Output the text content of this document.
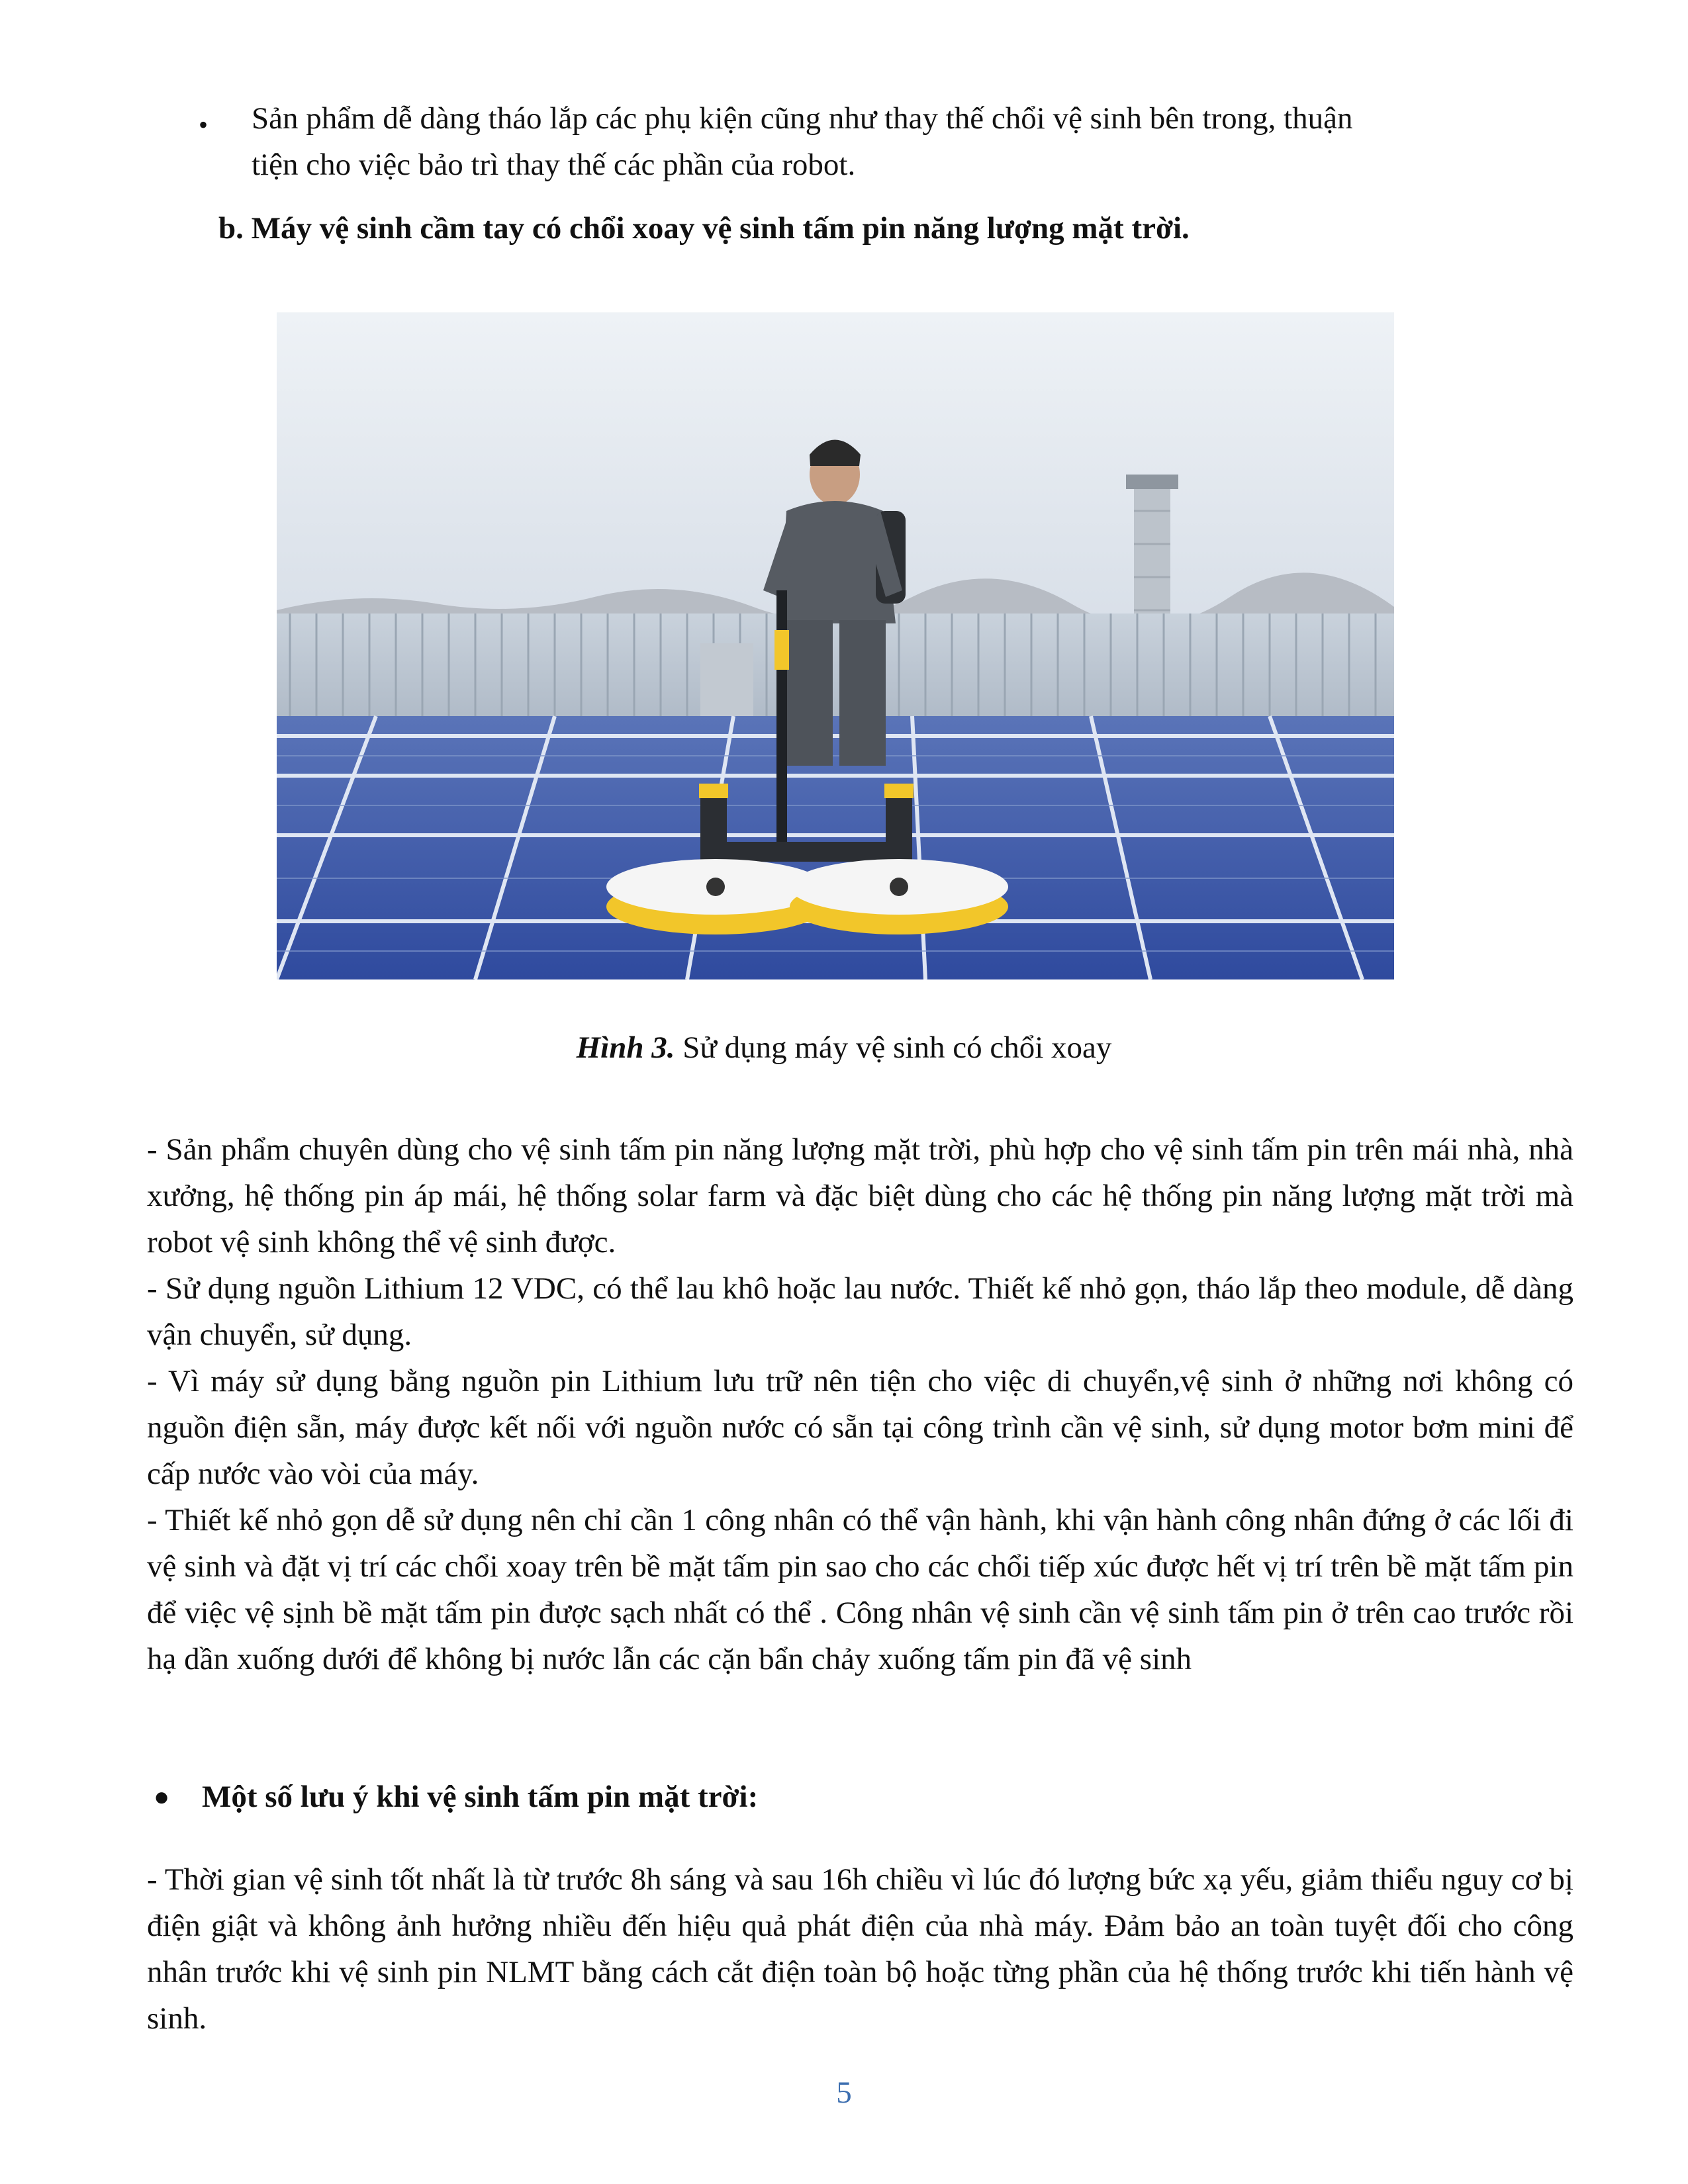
• Sản phẩm dễ dàng tháo lắp các phụ kiện cũng như thay thế chổi vệ sinh bên trong, thuận
tiện cho việc bảo trì thay thế các phần của robot.
b. Máy vệ sinh cầm tay có chổi xoay vệ sinh tấm pin năng lượng mặt trời.
Hình 3. Sử dụng máy vệ sinh có chổi xoay

- Sản phẩm chuyên dùng cho vệ sinh tấm pin năng lượng mặt trời, phù hợp cho vệ sinh tấm pin trên mái nhà, nhà xưởng, hệ thống pin áp mái, hệ thống solar farm và đặc biệt dùng cho các hệ thống pin năng lượng mặt trời mà robot vệ sinh không thể vệ sinh được.

- Sử dụng nguồn Lithium 12 VDC, có thể lau khô hoặc lau nước. Thiết kế nhỏ gọn, tháo lắp theo module, dễ dàng vận chuyển, sử dụng.

- Vì máy sử dụng bằng nguồn pin Lithium lưu trữ nên tiện cho việc di chuyển,vệ sinh ở những nơi không có nguồn điện sẵn, máy được kết nối với nguồn nước có sẵn tại công trình cần vệ sinh, sử dụng motor bơm mini để cấp nước vào vòi của máy.

- Thiết kế nhỏ gọn dễ sử dụng nên chỉ cần 1 công nhân có thể vận hành, khi vận hành công nhân đứng ở các lối đi vệ sinh và đặt vị trí các chổi xoay trên bề mặt tấm pin sao cho các chổi tiếp xúc được hết vị trí trên bề mặt tấm pin để việc vệ sịnh bề mặt tấm pin được sạch nhất có thể . Công nhân vệ sinh cần vệ sinh tấm pin ở trên cao trước rồi hạ dần xuống dưới để không bị nước lẫn các cặn bẩn chảy xuống tấm pin đã vệ sinh

● Một số lưu ý khi vệ sinh tấm pin mặt trời:

- Thời gian vệ sinh tốt nhất là từ trước 8h sáng và sau 16h chiều vì lúc đó lượng bức xạ yếu, giảm thiểu nguy cơ bị điện giật và không ảnh hưởng nhiều đến hiệu quả phát điện của nhà máy. Đảm bảo an toàn tuyệt đối cho công nhân trước khi vệ sinh pin NLMT bằng cách cắt điện toàn bộ hoặc từng phần của hệ thống trước khi tiến hành vệ sinh.

5
